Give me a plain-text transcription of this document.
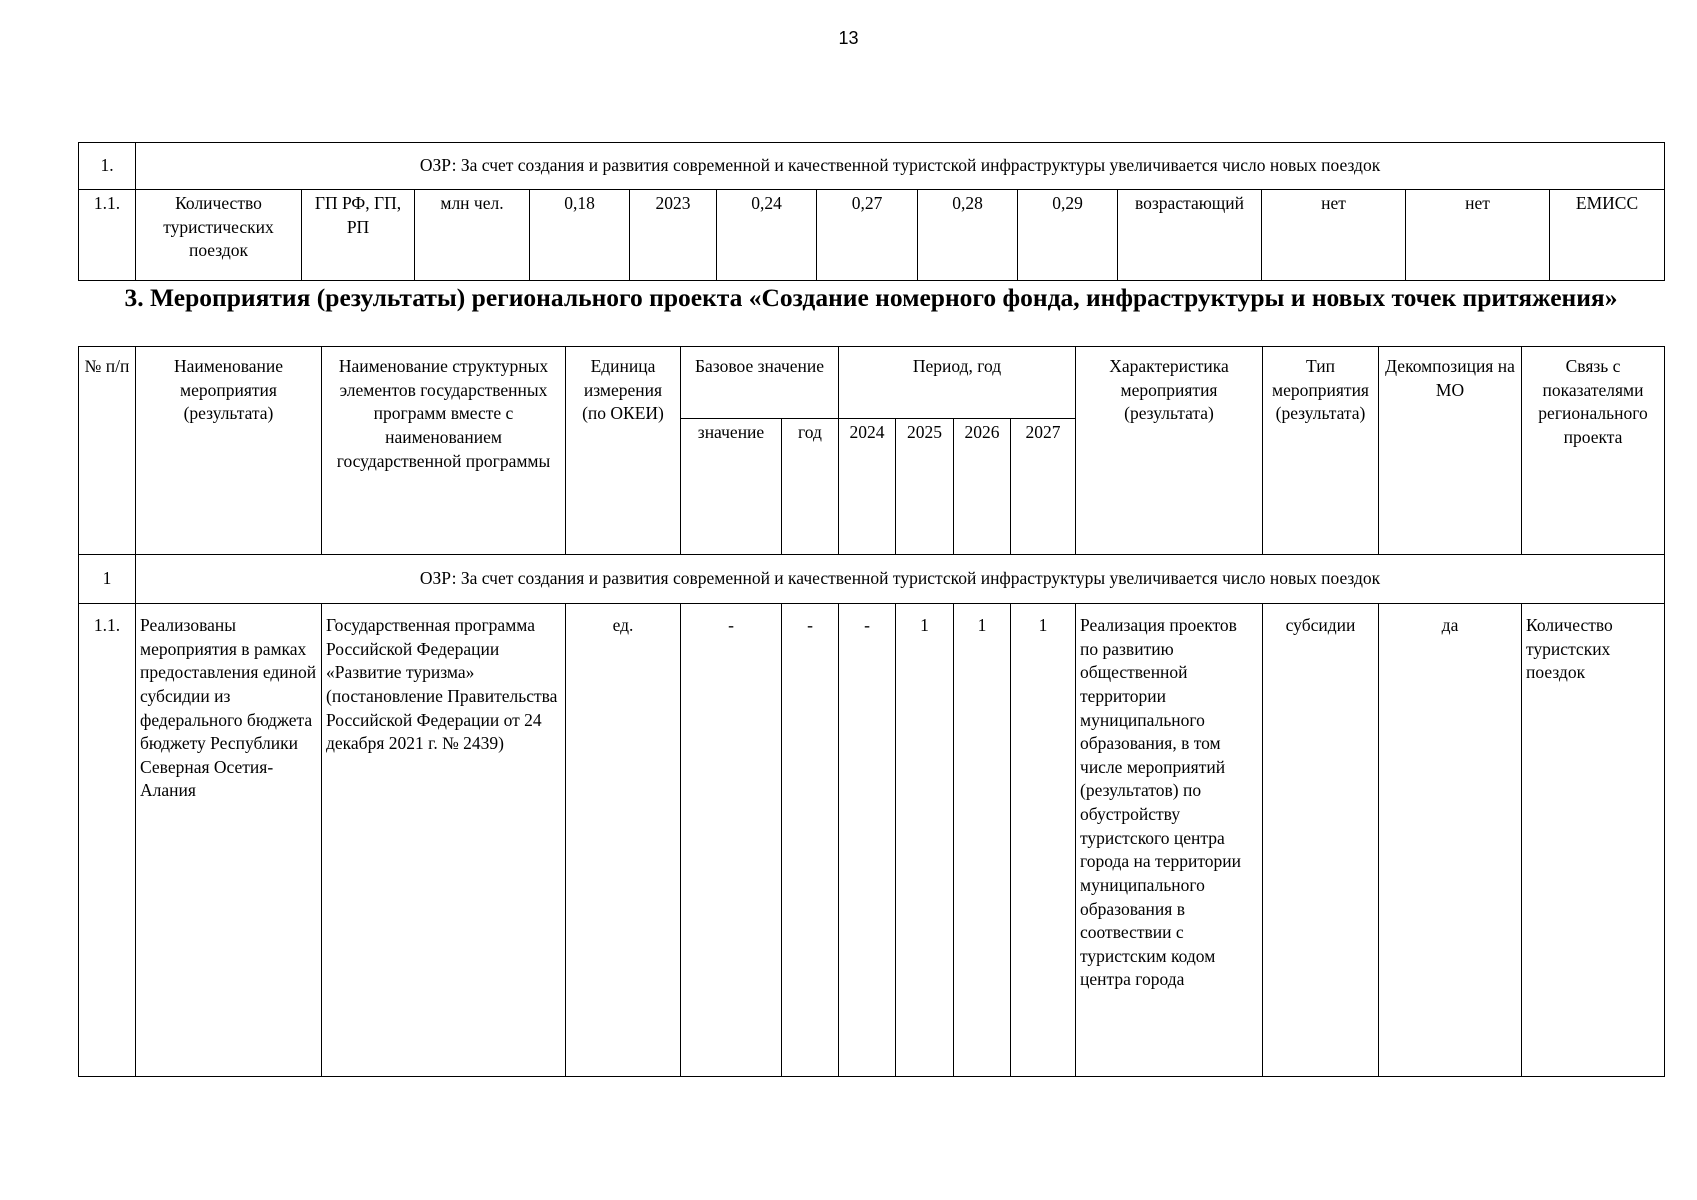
13
1.	ОЗР: За счет создания и развития современной и качественной туристской инфраструктуры увеличивается число новых поездок												
1.1.	Количество туристических поездок	ГП РФ, ГП, РП	млн чел.	0,18	2023	0,24	0,27	0,28	0,29	возрастающий	нет	нет	ЕМИСС
3. Мероприятия (результаты) регионального проекта «Создание номерного фонда, инфраструктуры и новых точек притяжения»
№ п/п	Наименование мероприятия (результата)	Наименование структурных элементов государственных программ вместе с наименованием государственной программы	Единица измерения (по ОКЕИ)	Базовое значение		Период, год				Характеристика мероприятия (результата)	Тип мероприятия (результата)	Декомпозиция на МО	Связь с показателями регионального проекта
				значение	год	2024	2025	2026	2027				
1	ОЗР: За счет создания и развития современной и качественной туристской инфраструктуры увеличивается число новых поездок												
1.1.	Реализованы мероприятия в рамках предоставления единой субсидии из федерального бюджета бюджету Республики Северная Осетия-Алания	Государственная программа Российской Федерации «Развитие туризма» (постановление Правительства Российской Федерации от 24 декабря 2021 г. № 2439)	ед.	-	-	-	1	1	1	Реализация проектов по развитию общественной территории муниципального образования, в том числе мероприятий (результатов) по обустройству туристского центра города на территории муниципального образования в соотвествии с туристским кодом центра города	субсидии	да	Количество туристских поездок
